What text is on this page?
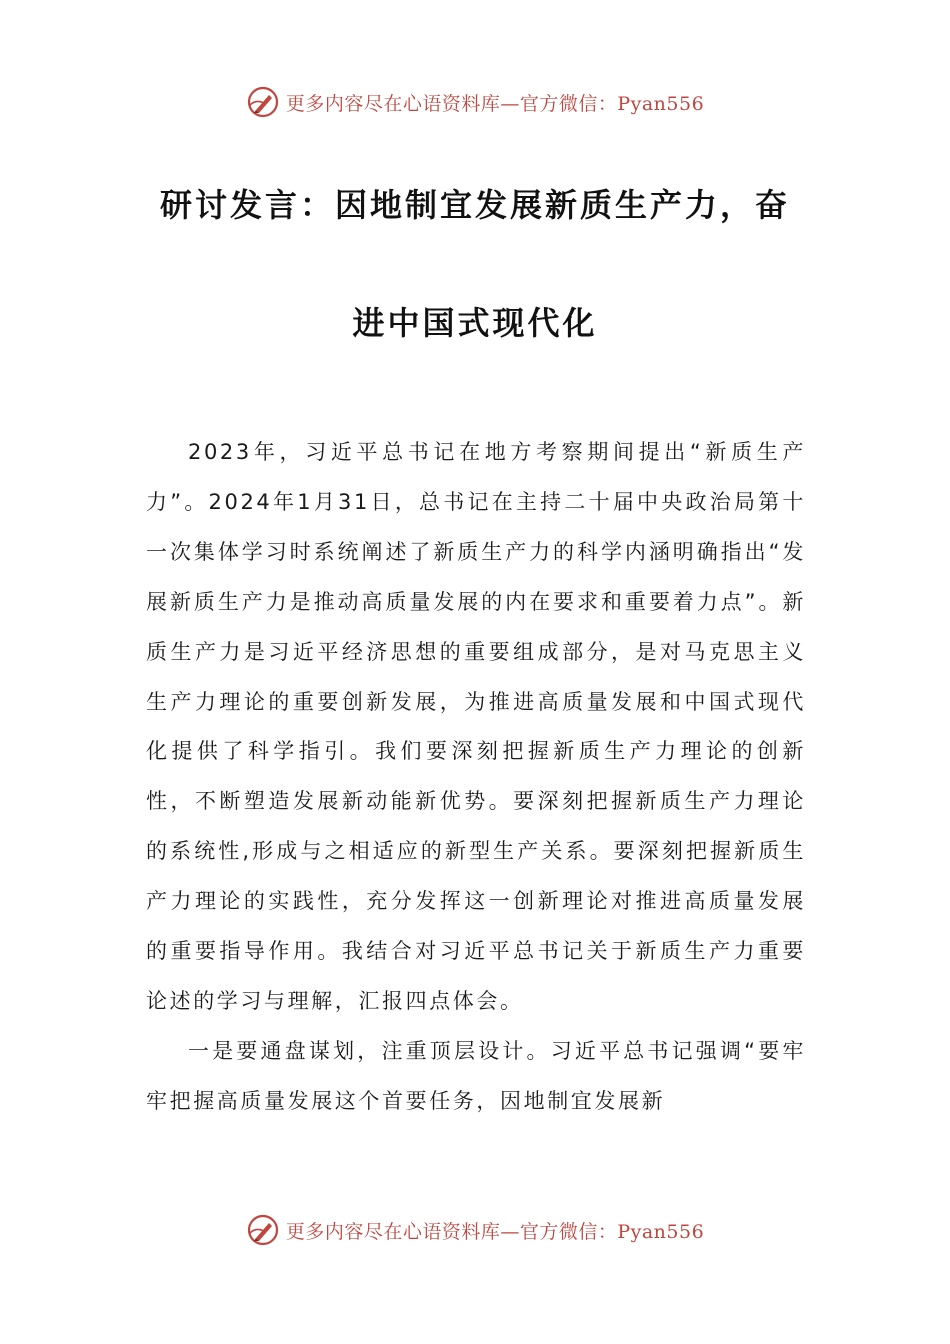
更多内容尽在心语资料库—官方微信：Pyan556
研讨发言：因地制宜发展新质生产力，奋
进中国式现代化

2023年，习近平总书记在地方考察期间提出“新质生产力”。2024年1月31日，总书记在主持二十届中央政治局第十一次集体学习时系统阐述了新质生产力的科学内涵明确指出“发展新质生产力是推动高质量发展的内在要求和重要着力点”。新质生产力是习近平经济思想的重要组成部分，是对马克思主义生产力理论的重要创新发展，为推进高质量发展和中国式现代化提供了科学指引。我们要深刻把握新质生产力理论的创新性，不断塑造发展新动能新优势。要深刻把握新质生产力理论的系统性,形成与之相适应的新型生产关系。要深刻把握新质生产力理论的实践性，充分发挥这一创新理论对推进高质量发展的重要指导作用。我结合对习近平总书记关于新质生产力重要论述的学习与理解，汇报四点体会。

一是要通盘谋划，注重顶层设计。习近平总书记强调“要牢牢把握高质量发展这个首要任务，因地制宜发展新

更多内容尽在心语资料库—官方微信：Pyan556
